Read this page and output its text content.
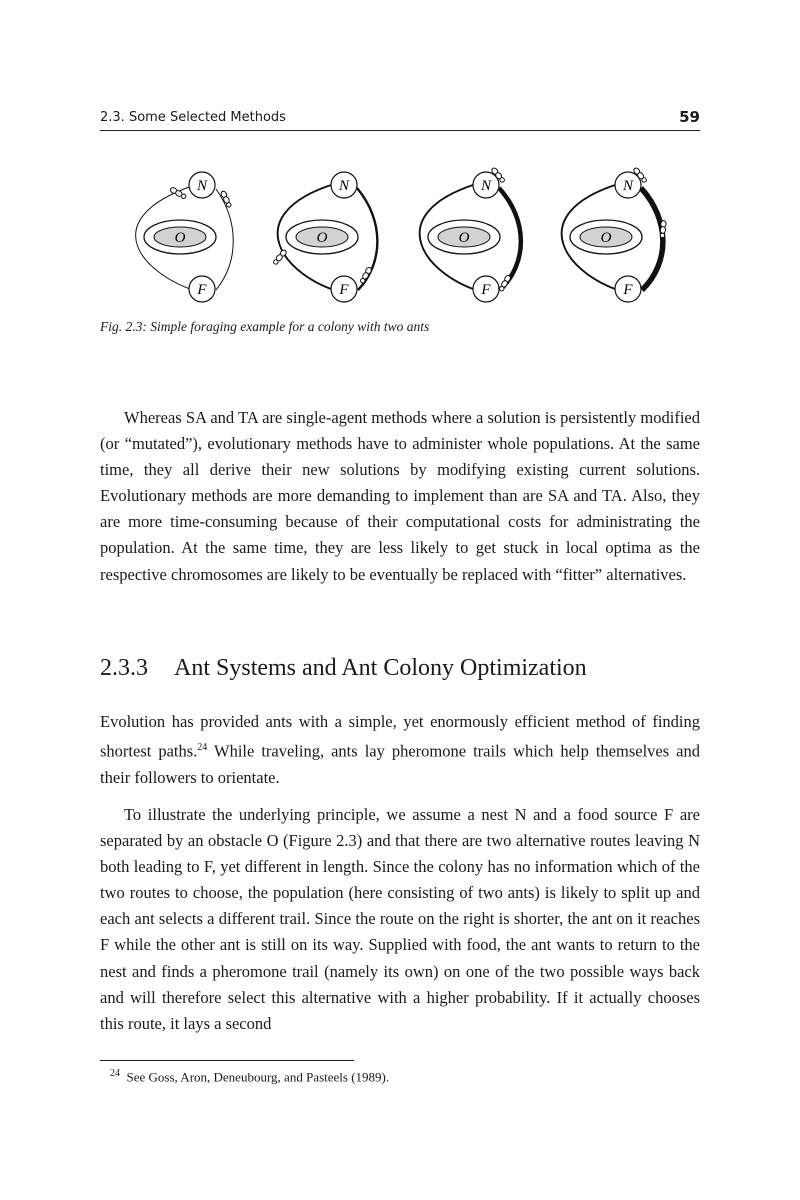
2.3. Some Selected Methods	59
O
N
F
O
N
F
O
N
F
O
N
F
Fig. 2.3: Simple foraging example for a colony with two ants

Whereas SA and TA are single-agent methods where a solution is persistently modified (or “mutated”), evolutionary methods have to administer whole populations. At the same time, they all derive their new solutions by modifying existing current solutions. Evolutionary methods are more demanding to implement than are SA and TA. Also, they are more time-consuming because of their computational costs for administrating the population. At the same time, they are less likely to get stuck in local optima as the respective chromosomes are likely to be eventually be replaced with “fitter” alternatives.

2.3.3 Ant Systems and Ant Colony Optimization

Evolution has provided ants with a simple, yet enormously efficient method of finding shortest paths.$^{24}$ While traveling, ants lay pheromone trails which help themselves and their followers to orientate.

To illustrate the underlying principle, we assume a nest N and a food source F are separated by an obstacle O (Figure 2.3) and that there are two alternative routes leaving N both leading to F, yet different in length. Since the colony has no information which of the two routes to choose, the population (here consisting of two ants) is likely to split up and each ant selects a different trail. Since the route on the right is shorter, the ant on it reaches F while the other ant is still on its way. Supplied with food, the ant wants to return to the nest and finds a pheromone trail (namely its own) on one of the two possible ways back and will therefore select this alternative with a higher probability. If it actually chooses this route, it lays a second

$^{24}$ See Goss, Aron, Deneubourg, and Pasteels (1989).
